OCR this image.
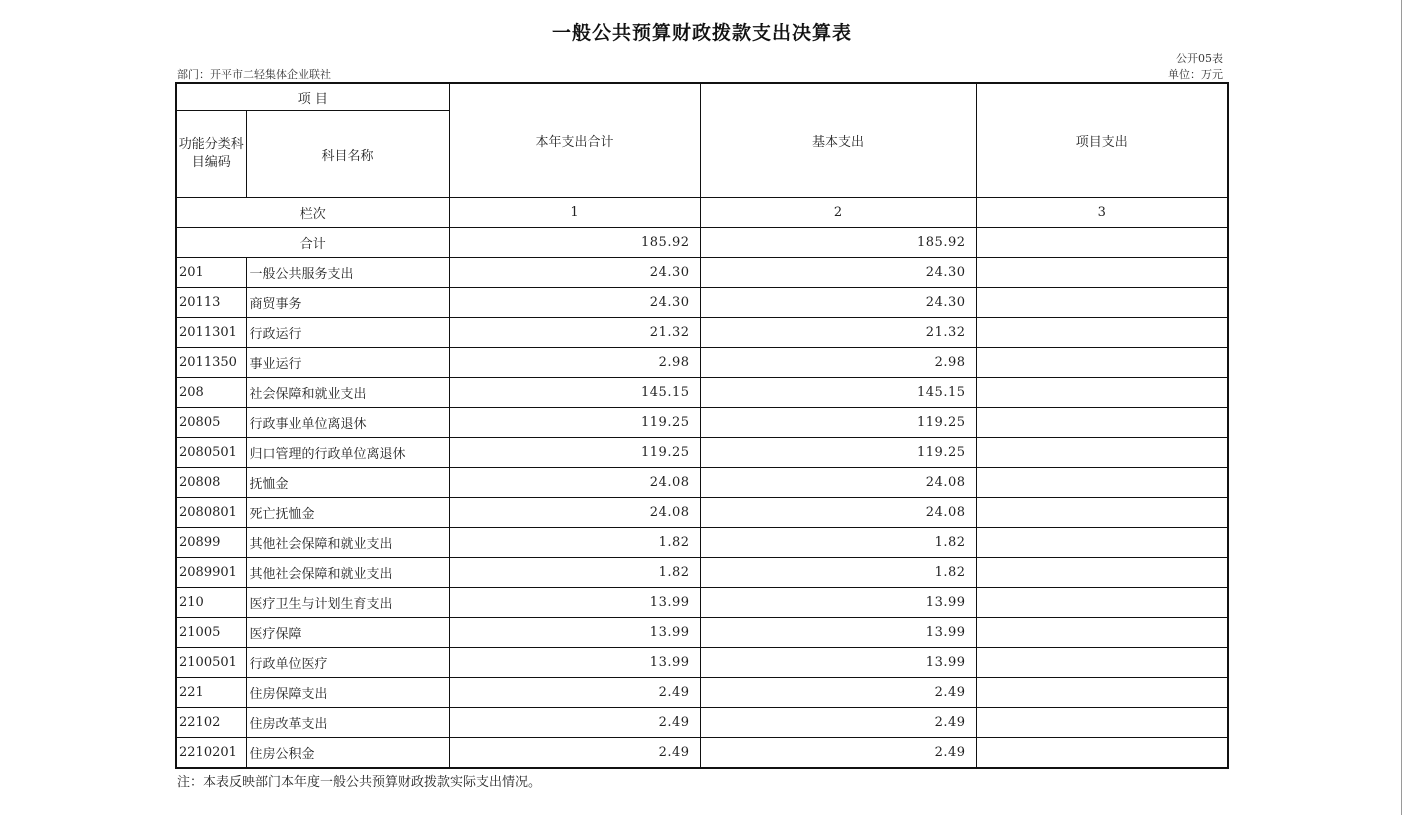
一般公共预算财政拨款支出决算表
公开05表
部门：开平市二轻集体企业联社	单位：万元
项 目		本年支出合计	基本支出	项目支出
功能分类科目编码	科目名称			
栏次		1	2	3
合计		185.92	185.92	
201	一般公共服务支出	24.30	24.30	
20113	商贸事务	24.30	24.30	
2011301	行政运行	21.32	21.32	
2011350	事业运行	2.98	2.98	
208	社会保障和就业支出	145.15	145.15	
20805	行政事业单位离退休	119.25	119.25	
2080501	归口管理的行政单位离退休	119.25	119.25	
20808	抚恤金	24.08	24.08	
2080801	死亡抚恤金	24.08	24.08	
20899	其他社会保障和就业支出	1.82	1.82	
2089901	其他社会保障和就业支出	1.82	1.82	
210	医疗卫生与计划生育支出	13.99	13.99	
21005	医疗保障	13.99	13.99	
2100501	行政单位医疗	13.99	13.99	
221	住房保障支出	2.49	2.49	
22102	住房改革支出	2.49	2.49	
2210201	住房公积金	2.49	2.49	
注：本表反映部门本年度一般公共预算财政拨款实际支出情况。
